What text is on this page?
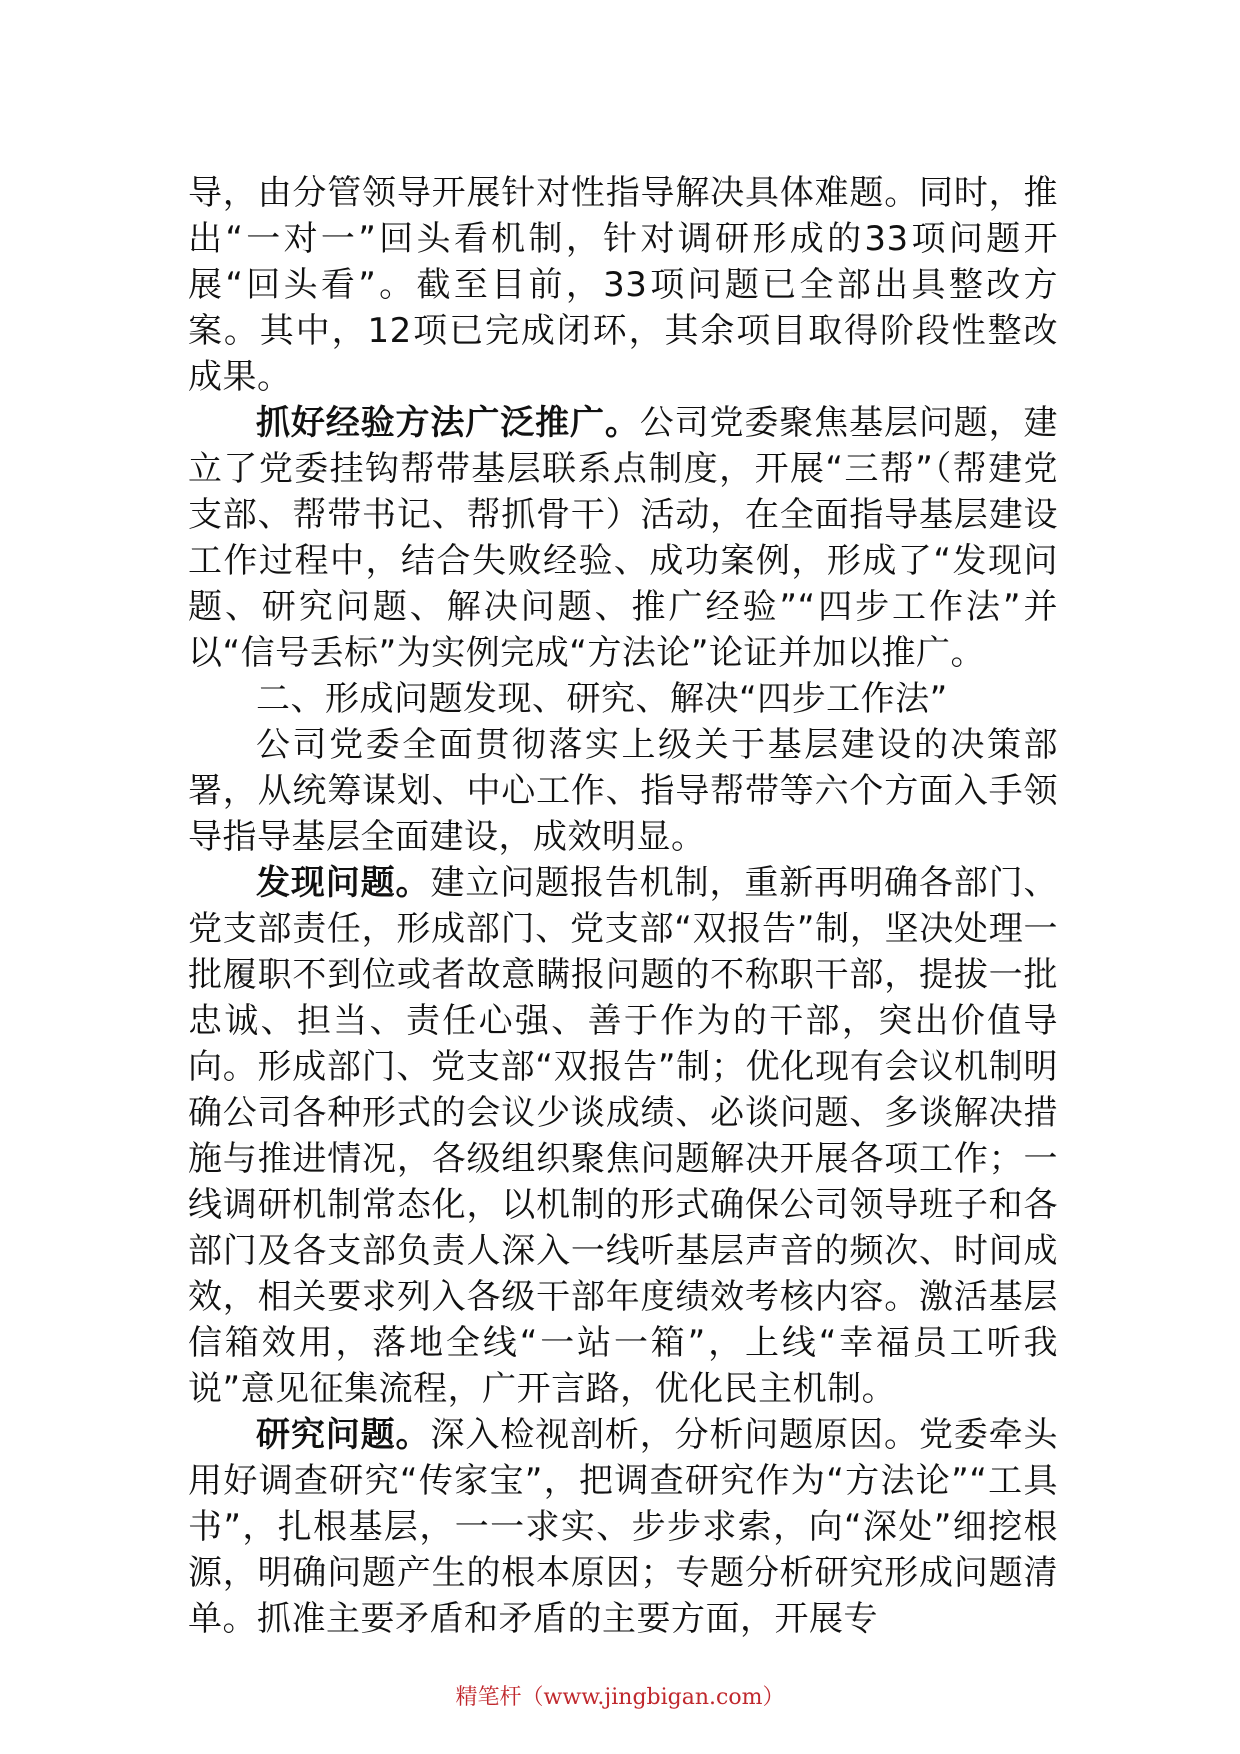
导，由分管领导开展针对性指导解决具体难题。同时，推出“一对一”回头看机制，针对调研形成的33项问题开展“回头看”。截至目前，33项问题已全部出具整改方案。其中，12项已完成闭环，其余项目取得阶段性整改成果。

抓好经验方法广泛推广。公司党委聚焦基层问题，建立了党委挂钩帮带基层联系点制度，开展“三帮”（帮建党支部、帮带书记、帮抓骨干）活动，在全面指导基层建设工作过程中，结合失败经验、成功案例，形成了“发现问题、研究问题、解决问题、推广经验”“四步工作法”并以“信号丢标”为实例完成“方法论”论证并加以推广。

二、形成问题发现、研究、解决“四步工作法”

公司党委全面贯彻落实上级关于基层建设的决策部署，从统筹谋划、中心工作、指导帮带等六个方面入手领导指导基层全面建设，成效明显。

发现问题。建立问题报告机制，重新再明确各部门、党支部责任，形成部门、党支部“双报告”制，坚决处理一批履职不到位或者故意瞒报问题的不称职干部，提拔一批忠诚、担当、责任心强、善于作为的干部，突出价值导向。形成部门、党支部“双报告”制；优化现有会议机制明确公司各种形式的会议少谈成绩、必谈问题、多谈解决措施与推进情况，各级组织聚焦问题解决开展各项工作；一线调研机制常态化，以机制的形式确保公司领导班子和各部门及各支部负责人深入一线听基层声音的频次、时间成效，相关要求列入各级干部年度绩效考核内容。激活基层信箱效用，落地全线“一站一箱”，上线“幸福员工听我说”意见征集流程，广开言路，优化民主机制。

研究问题。深入检视剖析，分析问题原因。党委牵头用好调查研究“传家宝”，把调查研究作为“方法论”“工具书”，扎根基层，一一求实、步步求索，向“深处”细挖根源，明确问题产生的根本原因；专题分析研究形成问题清单。抓准主要矛盾和矛盾的主要方面，开展专

精笔杆（www.jingbigan.com）
